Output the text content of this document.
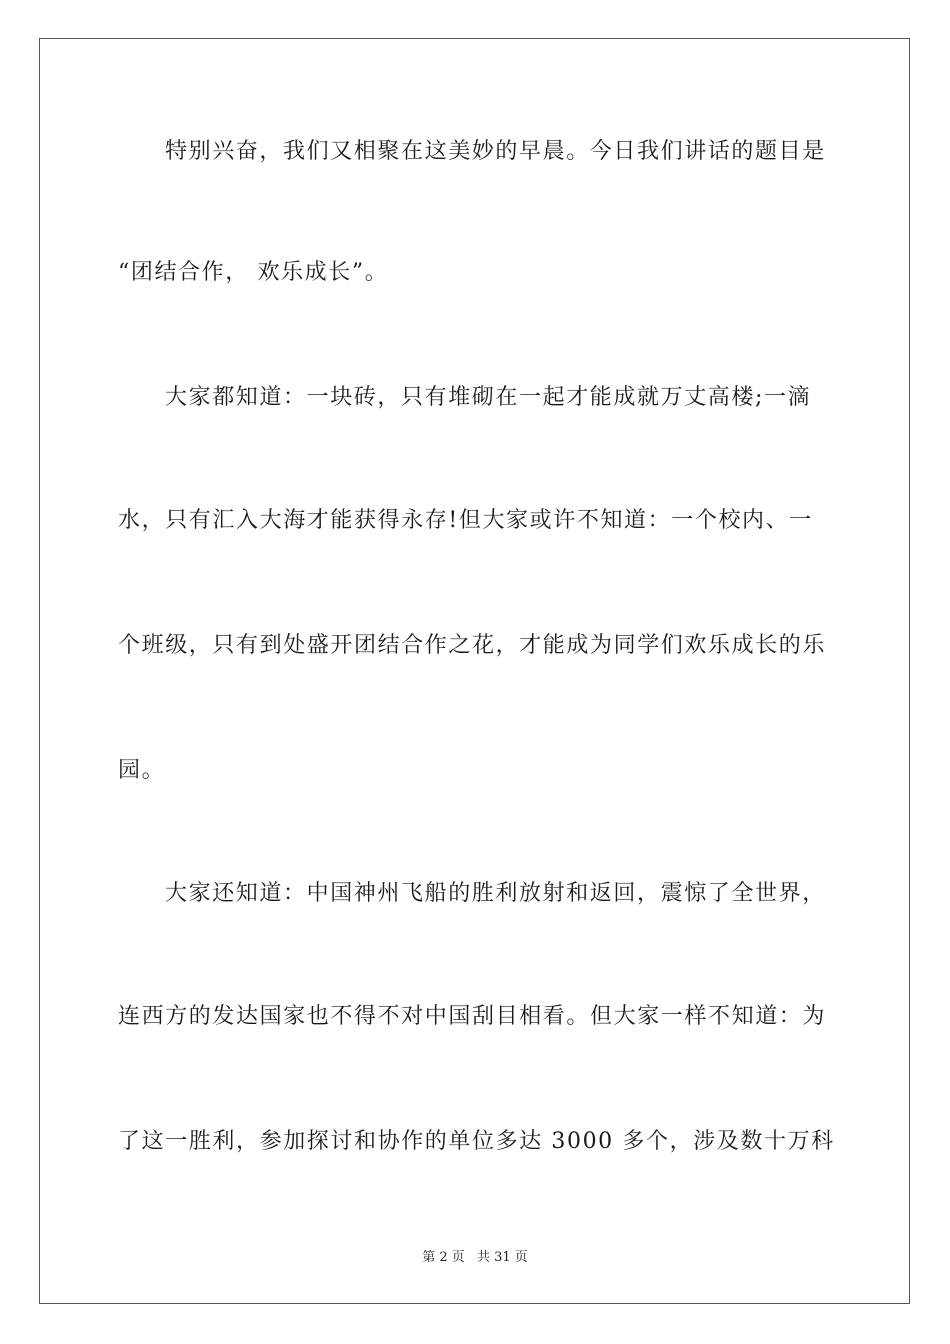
特别兴奋，我们又相聚在这美妙的早晨。今日我们讲话的题目是
“团结合作， 欢乐成长”。
大家都知道：一块砖，只有堆砌在一起才能成就万丈高楼;一滴
水，只有汇入大海才能获得永存!但大家或许不知道：一个校内、一
个班级，只有到处盛开团结合作之花，才能成为同学们欢乐成长的乐
园。
大家还知道：中国神州飞船的胜利放射和返回，震惊了全世界，
连西方的发达国家也不得不对中国刮目相看。但大家一样不知道：为
了这一胜利，参加探讨和协作的单位多达 3000 多个，涉及数十万科
第 2 页 共 31 页
